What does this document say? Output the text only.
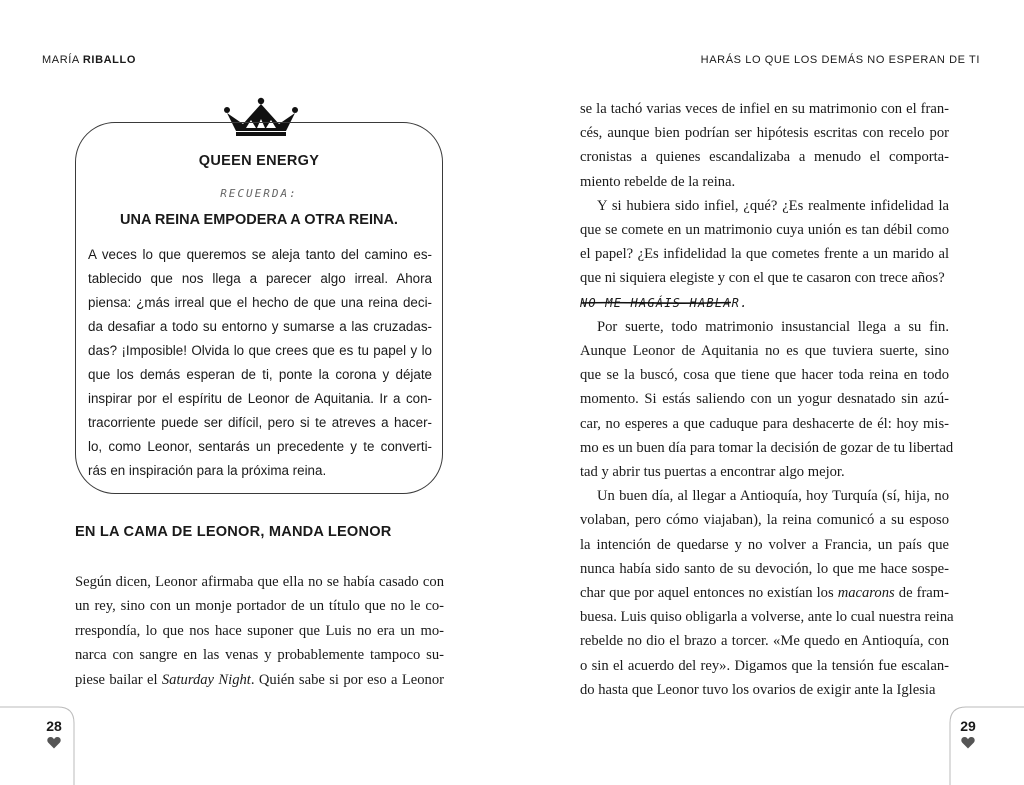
MARÍA RIBALLO	HARÁS LO QUE LOS DEMÁS NO ESPERAN DE TI
QUEEN ENERGY
RECUERDA:
UNA REINA EMPODERA A OTRA REINA.
A veces lo que queremos se aleja tanto del camino es-
tablecido que nos llega a parecer algo irreal. Ahora
piensa: ¿más irreal que el hecho de que una reina deci-
da desafiar a todo su entorno y sumarse a las cruzadas-
das? ¡Imposible! Olvida lo que crees que es tu papel y lo
que los demás esperan de ti, ponte la corona y déjate
inspirar por el espíritu de Leonor de Aquitania. Ir a con-
tracorriente puede ser difícil, pero si te atreves a hacer-
lo, como Leonor, sentarás un precedente y te converti-
rás en inspiración para la próxima reina.
EN LA CAMA DE LEONOR, MANDA LEONOR
Según dicen, Leonor afirmaba que ella no se había casado con
un rey, sino con un monje portador de un título que no le co-
rrespondía, lo que nos hace suponer que Luis no era un mo-
narca con sangre en las venas y probablemente tampoco su-
piese bailar el Saturday Night. Quién sabe si por eso a Leonor
se la tachó varias veces de infiel en su matrimonio con el fran-
cés, aunque bien podrían ser hipótesis escritas con recelo por
cronistas a quienes escandalizaba a menudo el comporta-
miento rebelde de la reina.
Y si hubiera sido infiel, ¿qué? ¿Es realmente infidelidad la
que se comete en un matrimonio cuya unión es tan débil como
el papel? ¿Es infidelidad la que cometes frente a un marido al
que ni siquiera elegiste y con el que te casaron con trece años?
NO ME HAGÁIS HABLAR.
Por suerte, todo matrimonio insustancial llega a su fin.
Aunque Leonor de Aquitania no es que tuviera suerte, sino
que se la buscó, cosa que tiene que hacer toda reina en todo
momento. Si estás saliendo con un yogur desnatado sin azú-
car, no esperes a que caduque para deshacerte de él: hoy mis-
mo es un buen día para tomar la decisión de gozar de tu libertad
tad y abrir tus puertas a encontrar algo mejor.
Un buen día, al llegar a Antioquía, hoy Turquía (sí, hija, no
volaban, pero cómo viajaban), la reina comunicó a su esposo
la intención de quedarse y no volver a Francia, un país que
nunca había sido santo de su devoción, lo que me hace sospe-
char que por aquel entonces no existían los macarons de fram-
buesa. Luis quiso obligarla a volverse, ante lo cual nuestra reina
rebelde no dio el brazo a torcer. «Me quedo en Antioquía, con
o sin el acuerdo del rey». Digamos que la tensión fue escalan-
do hasta que Leonor tuvo los ovarios de exigir ante la Iglesia
28	29
